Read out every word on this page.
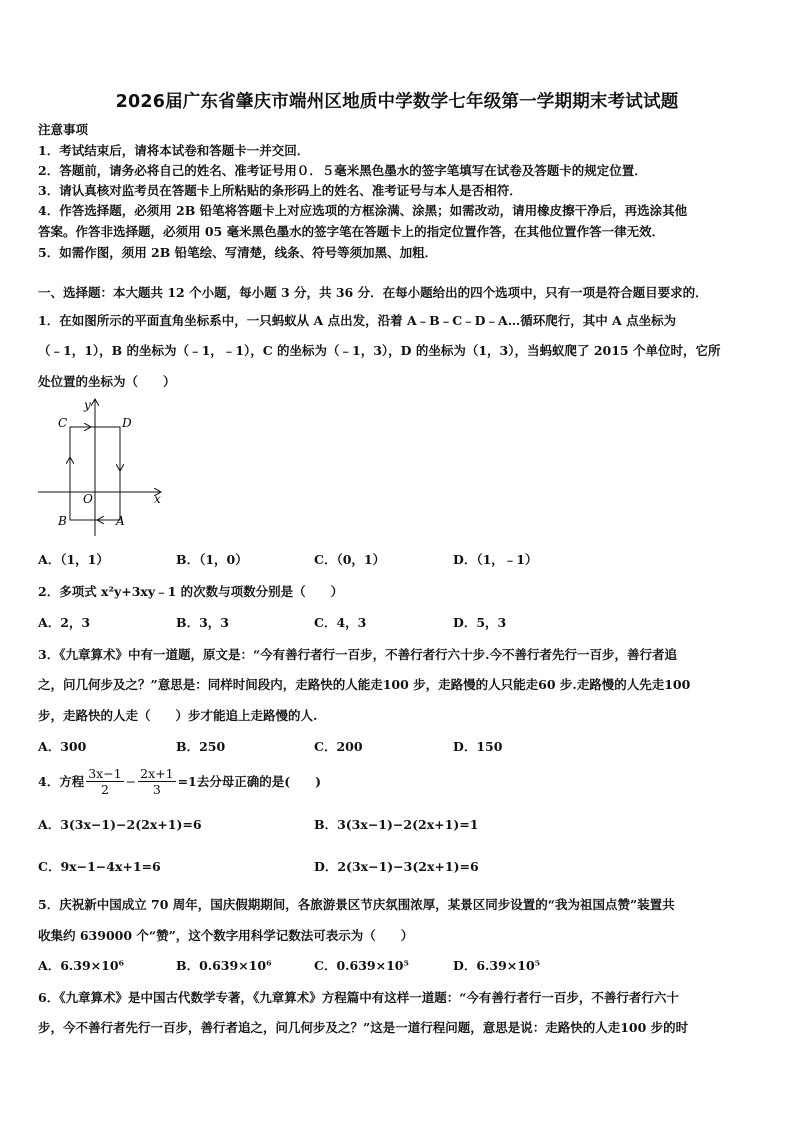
2026届广东省肇庆市端州区地质中学数学七年级第一学期期末考试试题
注意事项
1．考试结束后，请将本试卷和答题卡一并交回．
2．答题前，请务必将自己的姓名、准考证号用０．５毫米黑色墨水的签字笔填写在试卷及答题卡的规定位置．
3．请认真核对监考员在答题卡上所粘贴的条形码上的姓名、准考证号与本人是否相符．
4．作答选择题，必须用 2B 铅笔将答题卡上对应选项的方框涂满、涂黑；如需改动，请用橡皮擦干净后，再选涂其他
答案。作答非选择题，必须用 05 毫米黑色墨水的签字笔在答题卡上的指定位置作答，在其他位置作答一律无效．
5．如需作图，须用 2B 铅笔绘、写清楚，线条、符号等须加黑、加粗．
一、选择题：本大题共 12 个小题，每小题 3 分，共 36 分．在每小题给出的四个选项中，只有一项是符合题目要求的．
1．在如图所示的平面直角坐标系中，一只蚂蚁从 A 点出发，沿着 A﹣B﹣C﹣D﹣A…循环爬行，其中 A 点坐标为
（﹣1，1），B 的坐标为（﹣1，﹣1），C 的坐标为（﹣1，3），D 的坐标为（1，3），当蚂蚁爬了 2015 个单位时，它所
处位置的坐标为（　　）
y
x
O
C	D
B	A
A．（1，1）	B．（1，0）	C．（0，1）	D．（1，﹣1）
2．多项式 x²y+3xy﹣1 的次数与项数分别是（　　）
A．2，3	B．3，3	C．4，3	D．5，3
3．《九章算术》中有一道题，原文是：“今有善行者行一百步，不善行者行六十步.今不善行者先行一百步，善行者追
之，问几何步及之？”意思是：同样时间段内，走路快的人能走100 步，走路慢的人只能走60 步.走路慢的人先走100
步，走路快的人走（　　）步才能追上走路慢的人.
A．300	B．250	C．200	D．150
4．方程 $\frac{3x-1}{2} - \frac{2x+1}{3} =1$去分母正确的是(　　)
A．3(3x−1)−2(2x+1)=6	B．3(3x−1)−2(2x+1)=1
C．9x−1−4x+1=6	D．2(3x−1)−3(2x+1)=6
5．庆祝新中国成立 70 周年，国庆假期期间，各旅游景区节庆氛围浓厚，某景区同步设置的“我为祖国点赞”装置共
收集约 639000 个“赞”，这个数字用科学记数法可表示为（　　）
A．6.39×10⁶	B．0.639×10⁶	C．0.639×10⁵	D．6.39×10⁵
6．《九章算术》是中国古代数学专著，《九章算术》方程篇中有这样一道题：“今有善行者行一百步，不善行者行六十
步，今不善行者先行一百步，善行者追之，问几何步及之？”这是一道行程问题，意思是说：走路快的人走100 步的时
